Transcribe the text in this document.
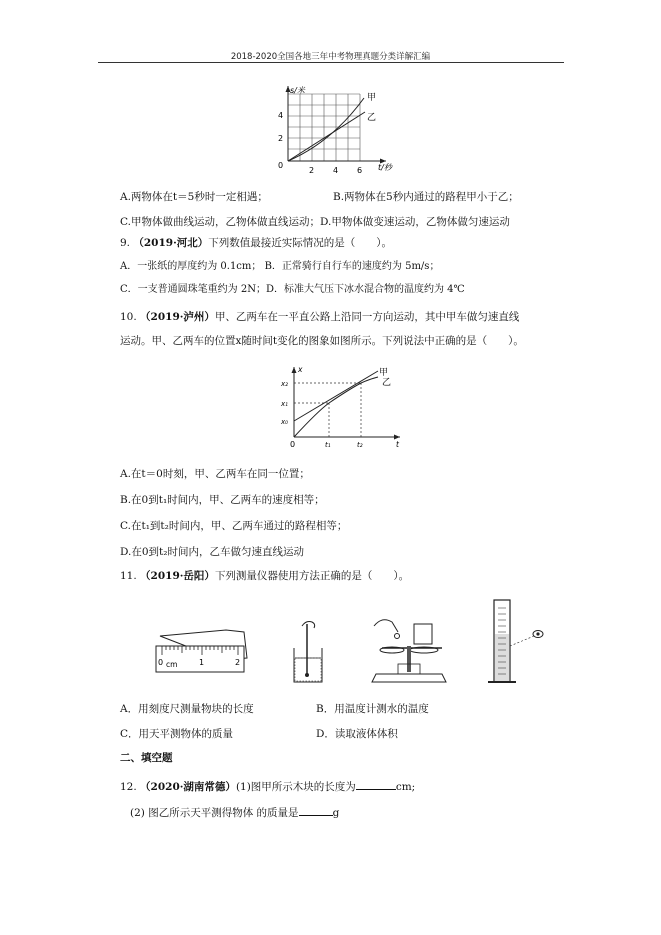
2018-2020全国各地三年中考物理真题分类详解汇编
s/米
t/秒
4
2
0
2 4 6
甲
乙
A.两物体在t＝5秒时一定相遇；	B.两物体在5秒内通过的路程甲小于乙；
C.甲物体做曲线运动，乙物体做直线运动；D.甲物体做变速运动，乙物体做匀速运动
9. （2019·河北）下列数值最接近实际情况的是（　　）。
A．一张纸的厚度约为 0.1cm； B．正常骑行自行车的速度约为 5m/s；
C．一支普通圆珠笔重约为 2N；D．标准大气压下冰水混合物的温度约为 4℃
10. （2019·泸州）甲、乙两车在一平直公路上沿同一方向运动，其中甲车做匀速直线
运动。甲、乙两车的位置x随时间t变化的图象如图所示。下列说法中正确的是（　　）。
x
t
x₂
x₁
x₀
t₁	t₂
0
甲
乙
A.在t＝0时刻，甲、乙两车在同一位置；
B.在0到t₁时间内，甲、乙两车的速度相等；
C.在t₁到t₂时间内，甲、乙两车通过的路程相等；
D.在0到t₂时间内，乙车做匀速直线运动
11. （2019·岳阳）下列测量仪器使用方法正确的是（　　）。
0 cm	1	2
A．用刻度尺测量物块的长度	B．用温度计测水的温度
C．用天平测物体的质量	D．读取液体体积
二、填空题
12. （2020·湖南常德）(1)图甲所示木块的长度为	cm;
(2) 图乙所示天平测得物体 的质量是	g
